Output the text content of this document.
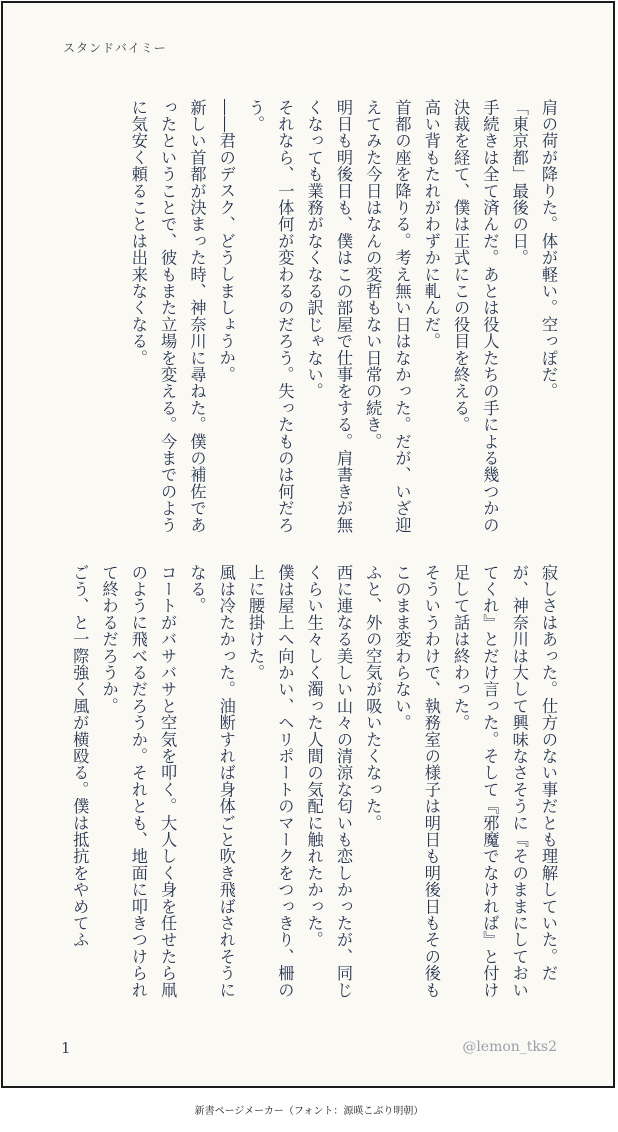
スタンドバイミー

肩の荷が降りた。体が軽い。空っぽだ。

「東京都」最後の日。

手続きは全て済んだ。あとは役人たちの手による幾つかの決裁を経て、僕は正式にこの役目を終える。

高い背もたれがわずかに軋んだ。

首都の座を降りる。考え無い日はなかった。だが、いざ迎えてみた今日はなんの変哲もない日常の続き。

明日も明後日も、僕はこの部屋で仕事をする。肩書きが無くなっても業務がなくなる訳じゃない。

それなら、一体何が変わるのだろう。失ったものは何だろう。

――君のデスク、どうしましょうか。

新しい首都が決まった時、神奈川に尋ねた。僕の補佐であったということで、彼もまた立場を変える。今までのように気安く頼ることは出来なくなる。

寂しさはあった。仕方のない事だとも理解していた。だが、神奈川は大して興味なさそうに『そのままにしておいてくれ』とだけ言った。そして『邪魔でなければ』と付け足して話は終わった。

そういうわけで、執務室の様子は明日も明後日もその後もこのまま変わらない。

ふと、外の空気が吸いたくなった。

西に連なる美しい山々の清涼な匂いも恋しかったが、同じくらい生々しく濁った人間の気配に触れたかった。

僕は屋上へ向かい、ヘリポートのマークをつっきり、柵の上に腰掛けた。

風は冷たかった。油断すれば身体ごと吹き飛ばされそうになる。

コートがバサバサと空気を叩く。大人しく身を任せたら凧のように飛べるだろうか。それとも、地面に叩きつけられて終わるだろうか。

ごう、と一際強く風が横殴る。僕は抵抗をやめてふ

1	@lemon_tks2

新書ページメーカー（フォント：源暎こぶり明朝）
